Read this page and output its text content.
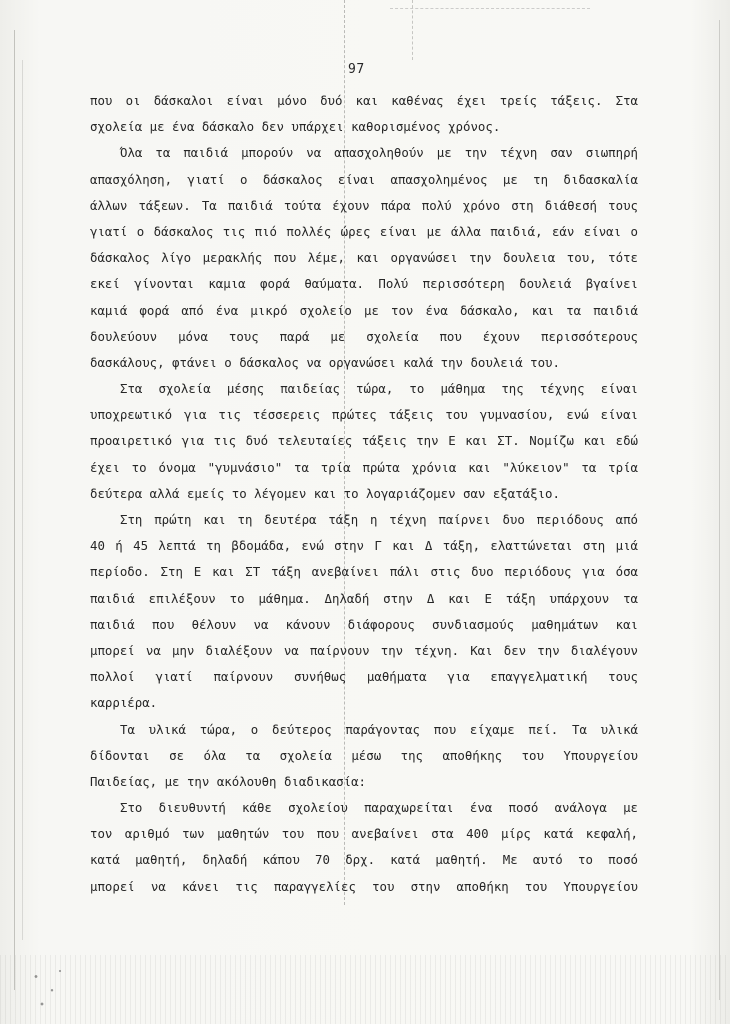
97
που οι δάσκαλοι είναι μόνο δυό και καθένας έχει τρείς τάξεις. Στα
σχολεία με ένα δάσκαλο δεν υπάρχει καθορισμένος χρόνος.
Όλα τα παιδιά μπορούν να απασχοληθούν με την τέχνη σαν σιωπηρή
απασχόληση, γιατί ο δάσκαλος είναι απασχολημένος με τη διδασκαλία
άλλων τάξεων. Τα παιδιά τούτα έχουν πάρα πολύ χρόνο στη διάθεσή τους
γιατί ο δάσκαλος τις πιό πολλές ώρες είναι με άλλα παιδιά, εάν είναι ο
δάσκαλος λίγο μερακλής που λέμε, και οργανώσει την δουλεια του, τότε
εκεί γίνονται καμια φορά θαύματα. Πολύ περισσότερη δουλειά βγαίνει
καμιά φορά από ένα μικρό σχολείο με τον ένα δάσκαλο, και τα παιδιά
δουλεύουν μόνα τους παρά με σχολεία που έχουν περισσότερους
δασκάλους, φτάνει ο δάσκαλος να οργανώσει καλά την δουλειά του.
Στα σχολεία μέσης παιδείας τώρα, το μάθημα της τέχνης είναι
υποχρεωτικό για τις τέσσερεις πρώτες τάξεις του γυμνασίου, ενώ είναι
προαιρετικό για τις δυό τελευταίες τάξεις την Ε και ΣΤ. Νομίζω και εδώ
έχει το όνομα "γυμνάσιο" τα τρία πρώτα χρόνια και "λύκειον" τα τρία
δεύτερα αλλά εμείς το λέγομεν και το λογαριάζομεν σαν εξατάξιο.
Στη πρώτη και τη δευτέρα τάξη η τέχνη παίρνει δυο περιόδους από
40 ή 45 λεπτά τη βδομάδα, ενώ στην Γ και Δ τάξη, ελαττώνεται στη μιά
περίοδο. Στη Ε και ΣΤ τάξη ανεβαίνει πάλι στις δυο περιόδους για όσα
παιδιά επιλέξουν το μάθημα. Δηλαδή στην Δ και Ε τάξη υπάρχουν τα
παιδιά που θέλουν να κάνουν διάφορους συνδιασμούς μαθημάτων και
μπορεί να μην διαλέξουν να παίρνουν την τέχνη. Και δεν την διαλέγουν
πολλοί γιατί παίρνουν συνήθως μαθήματα για επαγγελματική τους
καρριέρα.
Τα υλικά τώρα, ο δεύτερος παράγοντας που είχαμε πεί. Τα υλικά
δίδονται σε όλα τα σχολεία μέσω της αποθήκης του Υπουργείου
Παιδείας, με την ακόλουθη διαδικασία:
Στο διευθυντή κάθε σχολείου παραχωρείται ένα ποσό ανάλογα με
τον αριθμό των μαθητών του που ανεβαίνει στα 400 μίρς κατά κεφαλή,
κατά μαθητή, δηλαδή κάπου 70 δρχ. κατά μαθητή. Με αυτό το ποσό
μπορεί να κάνει τις παραγγελίες του στην αποθήκη του Υπουργείου
